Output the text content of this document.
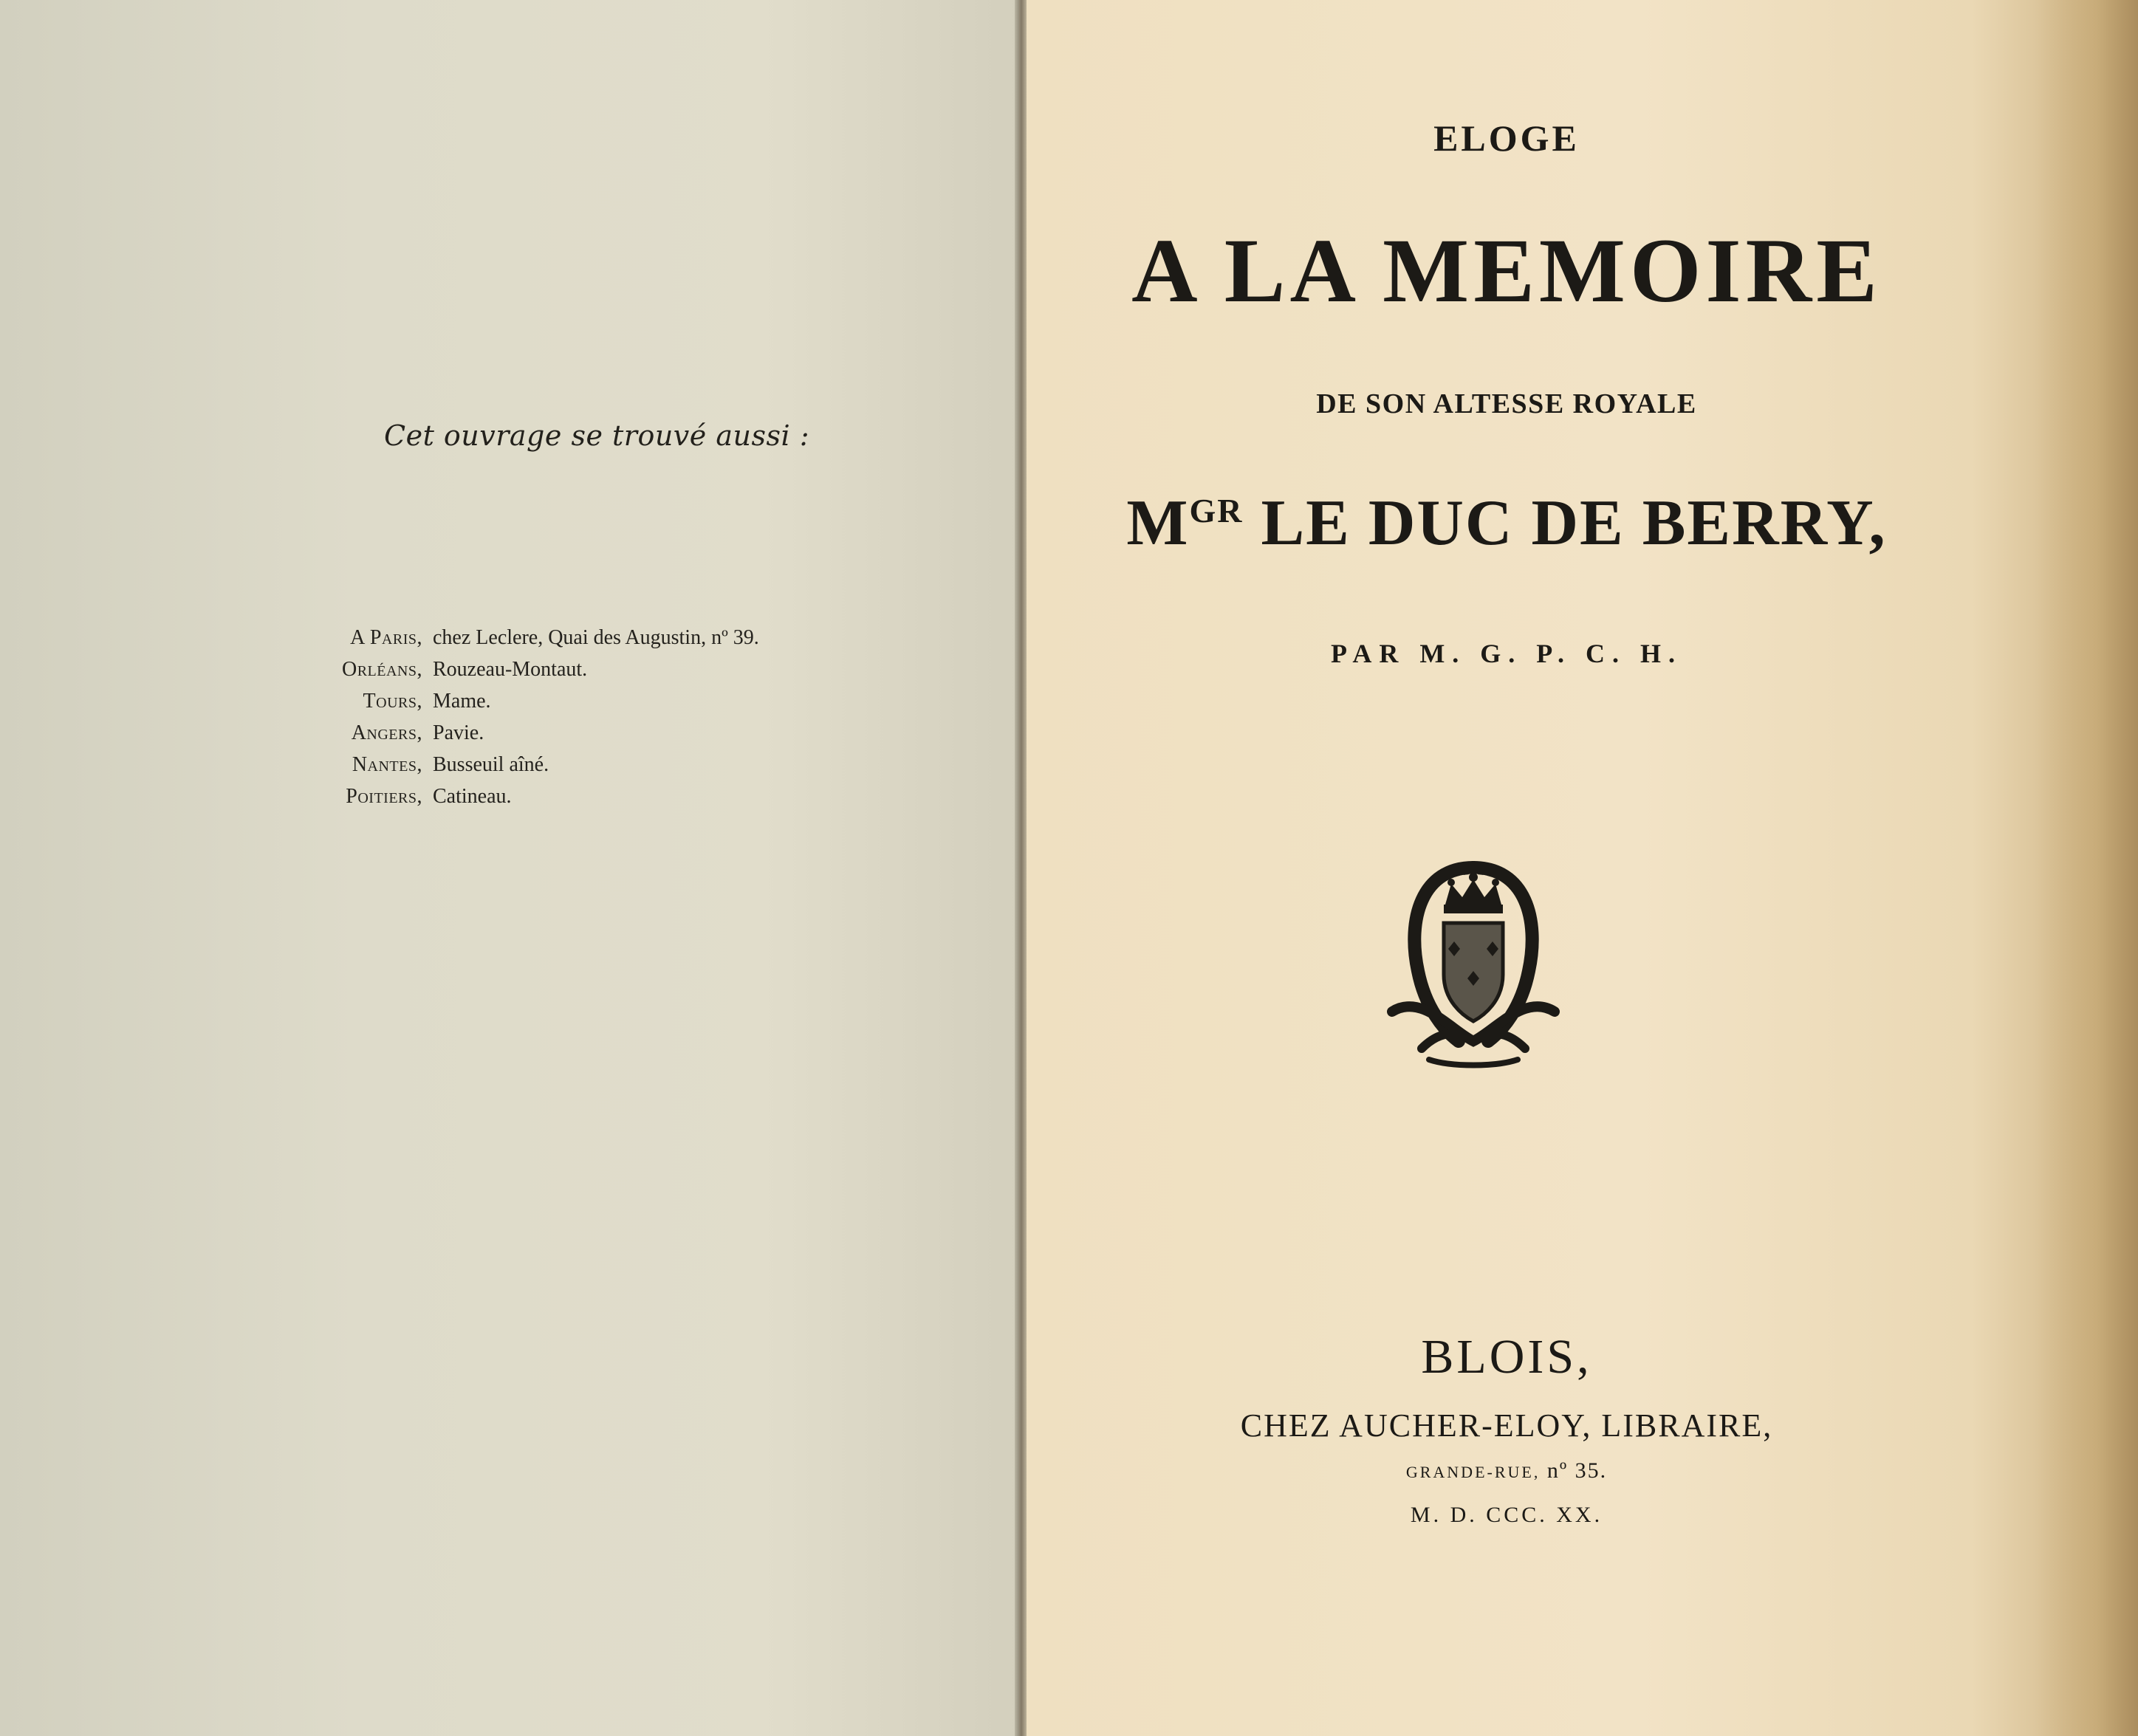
Cet ouvrage se trouvé aussi :
A Paris, chez Leclere, Quai des Augustin, nº 39.
Orléans, Rouzeau-Montaut.
Tours, Mame.
Angers, Pavie.
Nantes, Busseuil aîné.
Poitiers, Catineau.
ELOGE
A LA MEMOIRE
DE SON ALTESSE ROYALE
$M^{GR}$ LE DUC DE BERRY,
PAR M. G. P. C. H.
BLOIS,
CHEZ AUCHER-ELOY, LIBRAIRE,
GRANDE-RUE, nº 35.
M. D. CCC. XX.
